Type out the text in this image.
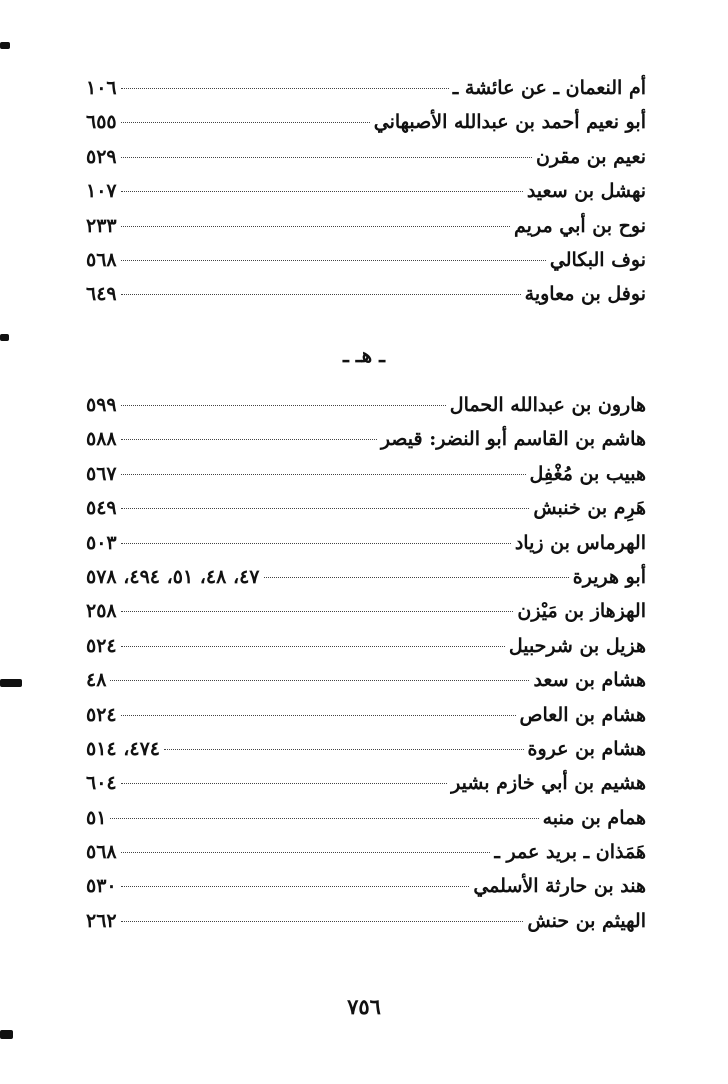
أم النعمان ـ عن عائشة ـ
١٠٦
أبو نعيم أحمد بن عبدالله الأصبهاني
٦٥٥
نعيم بن مقرن
٥٢٩
نهشل بن سعيد
١٠٧
نوح بن أبي مريم
٢٣٣
نوف البكالي
٥٦٨
نوفل بن معاوية
٦٤٩
ـ هـ ـ
هارون بن عبدالله الحمال
٥٩٩
هاشم بن القاسم أبو النضر: قيصر
٥٨٨
هبيب بن مُغْفِل
٥٦٧
هَرِم بن خنبش
٥٤٩
الهرماس بن زياد
٥٠٣
أبو هريرة
٤٧، ٤٨، ٥١، ٤٩٤، ٥٧٨
الهزهاز بن مَيْزن
٢٥٨
هزيل بن شرحبيل
٥٢٤
هشام بن سعد
٤٨
هشام بن العاص
٥٢٤
هشام بن عروة
٤٧٤، ٥١٤
هشيم بن أبي خازم بشير
٦٠٤
همام بن منبه
٥١
هَمَذان ـ بريد عمر ـ
٥٦٨
هند بن حارثة الأسلمي
٥٣٠
الهيثم بن حنش
٢٦٢
٧٥٦
